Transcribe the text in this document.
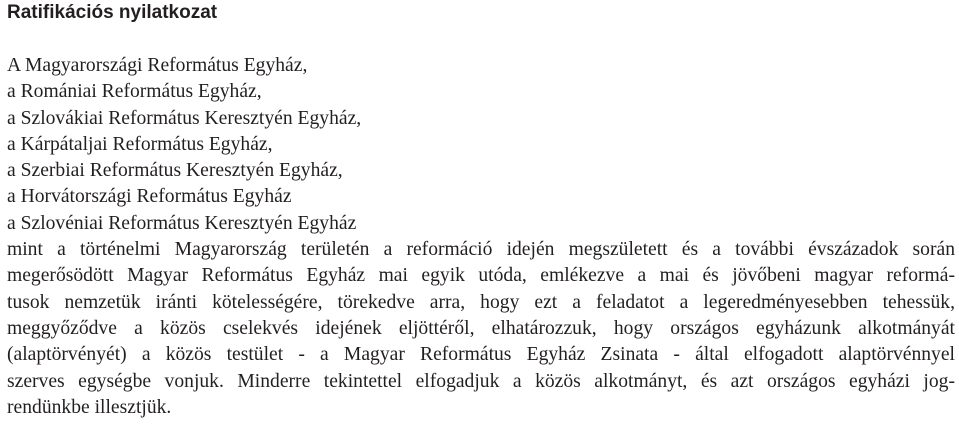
Ratifikációs nyilatkozat
A Magyarországi Református Egyház,
a Romániai Református Egyház,
a Szlovákiai Református Keresztyén Egyház,
a Kárpátaljai Református Egyház,
a Szerbiai Református Keresztyén Egyház,
a Horvátországi Református Egyház
a Szlovéniai Református Keresztyén Egyház
mint a történelmi Magyarország területén a reformáció idején megszületett és a további évszázadok során
megerősödött Magyar Református Egyház mai egyik utóda, emlékezve a mai és jövőbeni magyar reformá-
tusok nemzetük iránti kötelességére, törekedve arra, hogy ezt a feladatot a legeredményesebben tehessük,
meggyőződve a közös cselekvés idejének eljöttéről, elhatározzuk, hogy országos egyházunk alkotmányát
(alaptörvényét) a közös testület - a Magyar Református Egyház Zsinata - által elfogadott alaptörvénnyel
szerves egységbe vonjuk. Minderre tekintettel elfogadjuk a közös alkotmányt, és azt országos egyházi jog-
rendünkbe illesztjük.
